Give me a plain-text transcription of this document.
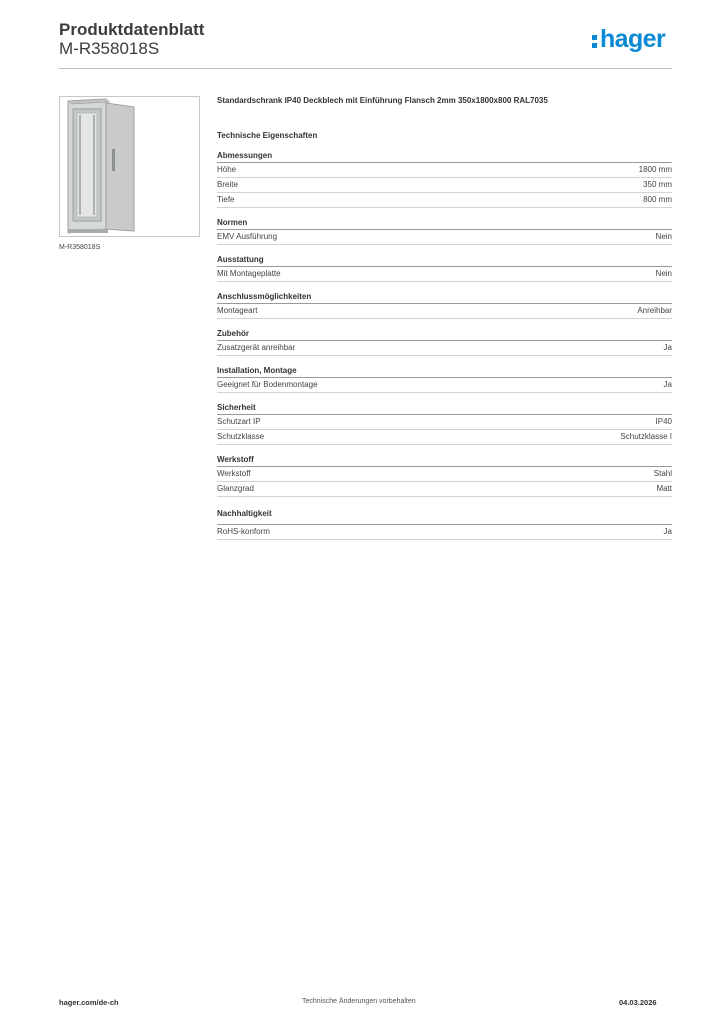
Produktdatenblatt
M-R358018S	hager
M-R358018S
Standardschrank IP40 Deckblech mit Einführung Flansch 2mm 350x1800x800 RAL7035
Technische Eigenschaften
Abmessungen
Höhe	1800 mm
Breite	350 mm
Tiefe	800 mm
Normen
EMV Ausführung	Nein
Ausstattung
Mit Montageplatte	Nein
Anschlussmöglichkeiten
Montageart	Anreihbar
Zubehör
Zusatzgerät anreihbar	Ja
Installation, Montage
Geeignet für Bodenmontage	Ja
Sicherheit
Schutzart IP	IP40
Schutzklasse	Schutzklasse I
Werkstoff
Werkstoff	Stahl
Glanzgrad	Matt
Nachhaltigkeit
RoHS-konform	Ja
hager.com/de-ch	Technische Änderungen vorbehalten	04.03.2026
